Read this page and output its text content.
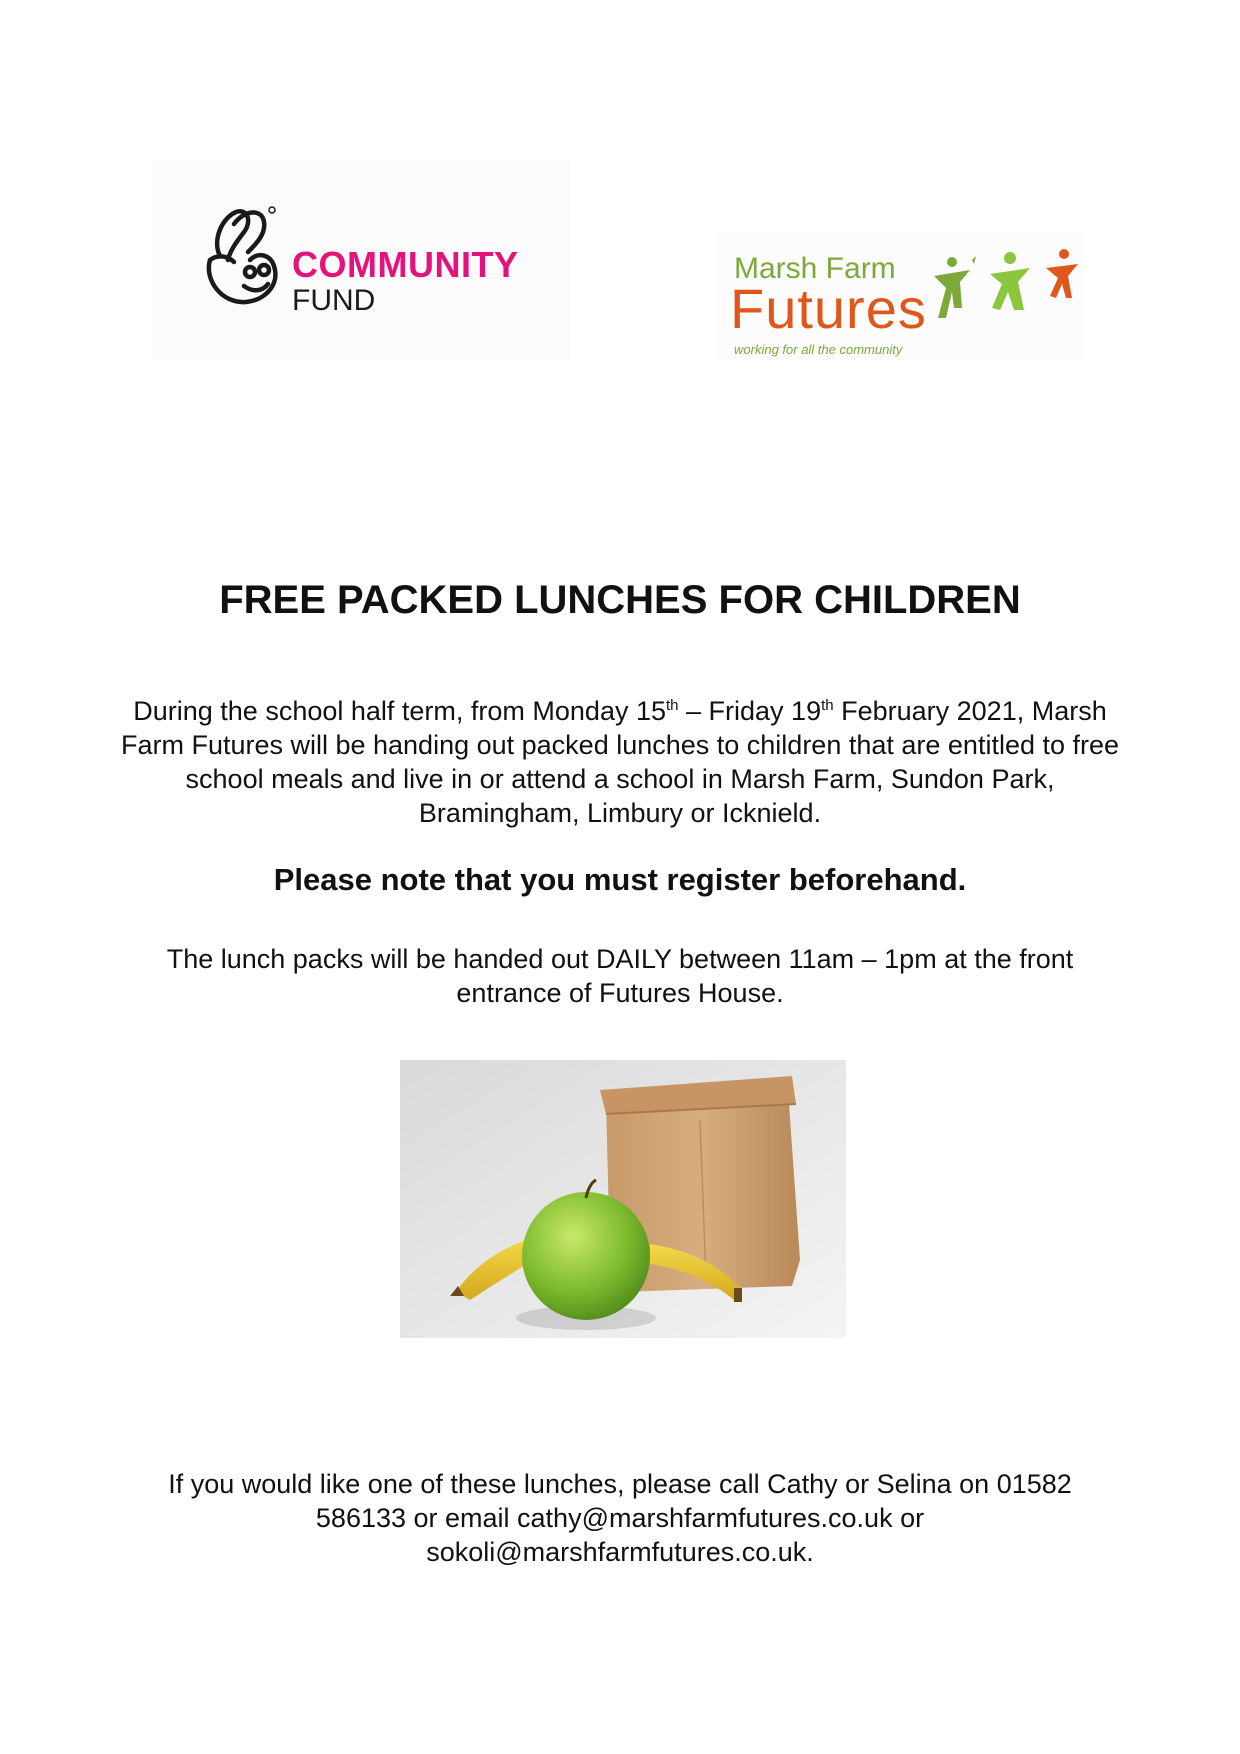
COMMUNITY
FUND
Marsh Farm
Futures
working for all the community
FREE PACKED LUNCHES FOR CHILDREN
During the school half term, from Monday 15th – Friday 19th February 2021, Marsh Farm Futures will be handing out packed lunches to children that are entitled to free school meals and live in or attend a school in Marsh Farm, Sundon Park, Bramingham, Limbury or Icknield.
Please note that you must register beforehand.
The lunch packs will be handed out DAILY between 11am – 1pm at the front entrance of Futures House.
If you would like one of these lunches, please call Cathy or Selina on 01582 586133 or email cathy@marshfarmfutures.co.uk or sokoli@marshfarmfutures.co.uk.
